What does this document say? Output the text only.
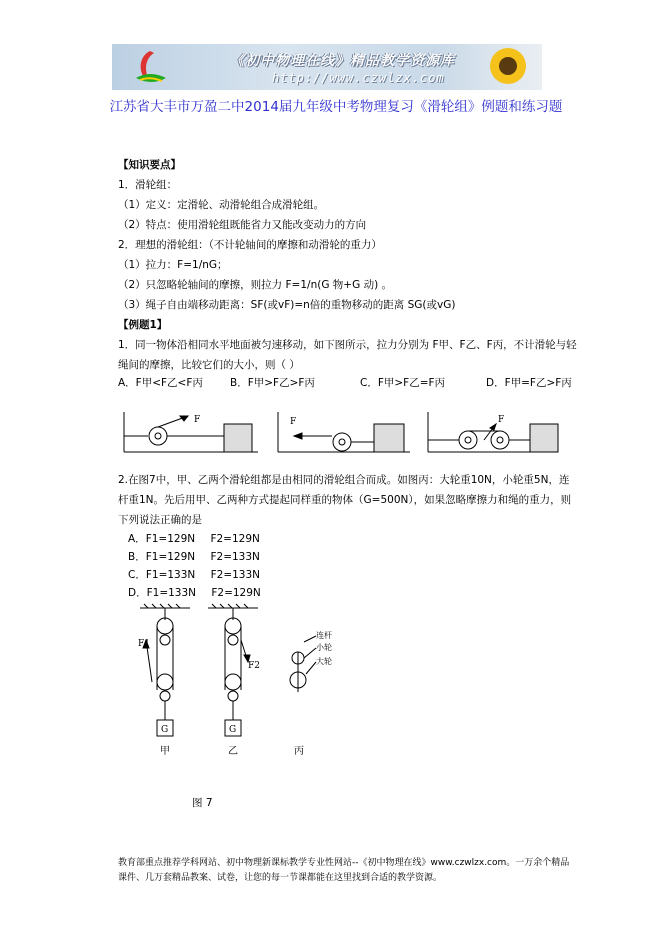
《初中物理在线》精品教学资源库
http://www.czwlzx.com
江苏省大丰市万盈二中2014届九年级中考物理复习《滑轮组》例题和练习题
【知识要点】
1．滑轮组：
（1）定义：定滑轮、动滑轮组合成滑轮组。
（2）特点：使用滑轮组既能省力又能改变动力的方向
2．理想的滑轮组：（不计轮轴间的摩擦和动滑轮的重力）
（1）拉力：F=1/nG；
（2）只忽略轮轴间的摩擦，则拉力 F=1/n(G 物+G 动) 。
（3）绳子自由端移动距离：SF(或vF)=n倍的重物移动的距离 SG(或vG)
【例题1】
1．同一物体沿相同水平地面被匀速移动，如下图所示，拉力分别为 F甲、F乙、F丙，不计滑轮与轻绳间的摩擦，比较它们的大小，则（ ）
A．F甲<F乙<F丙	B．F甲>F乙>F丙	C．F甲>F乙=F丙	D．F甲=F乙>F丙
F	F	F
2.在图7中，甲、乙两个滑轮组都是由相同的滑轮组合而成。如图丙：大轮重10N，小轮重5N，连杆重1N。先后用甲、乙两种方式提起同样重的物体（G=500N），如果忽略摩擦力和绳的重力，则下列说法正确的是
A．F1=129N F2=129N
B．F1=129N F2=133N
C．F1=133N F2=133N
D．F1=133N F2=129N
F1
F2
G	G
甲	乙	丙
连杆
小轮
大轮
图 7
教育部重点推荐学科网站、初中物理新课标教学专业性网站--《初中物理在线》www.czwlzx.com。一万余个精品课件、几万套精品教案、试卷，让您的每一节课都能在这里找到合适的教学资源。
